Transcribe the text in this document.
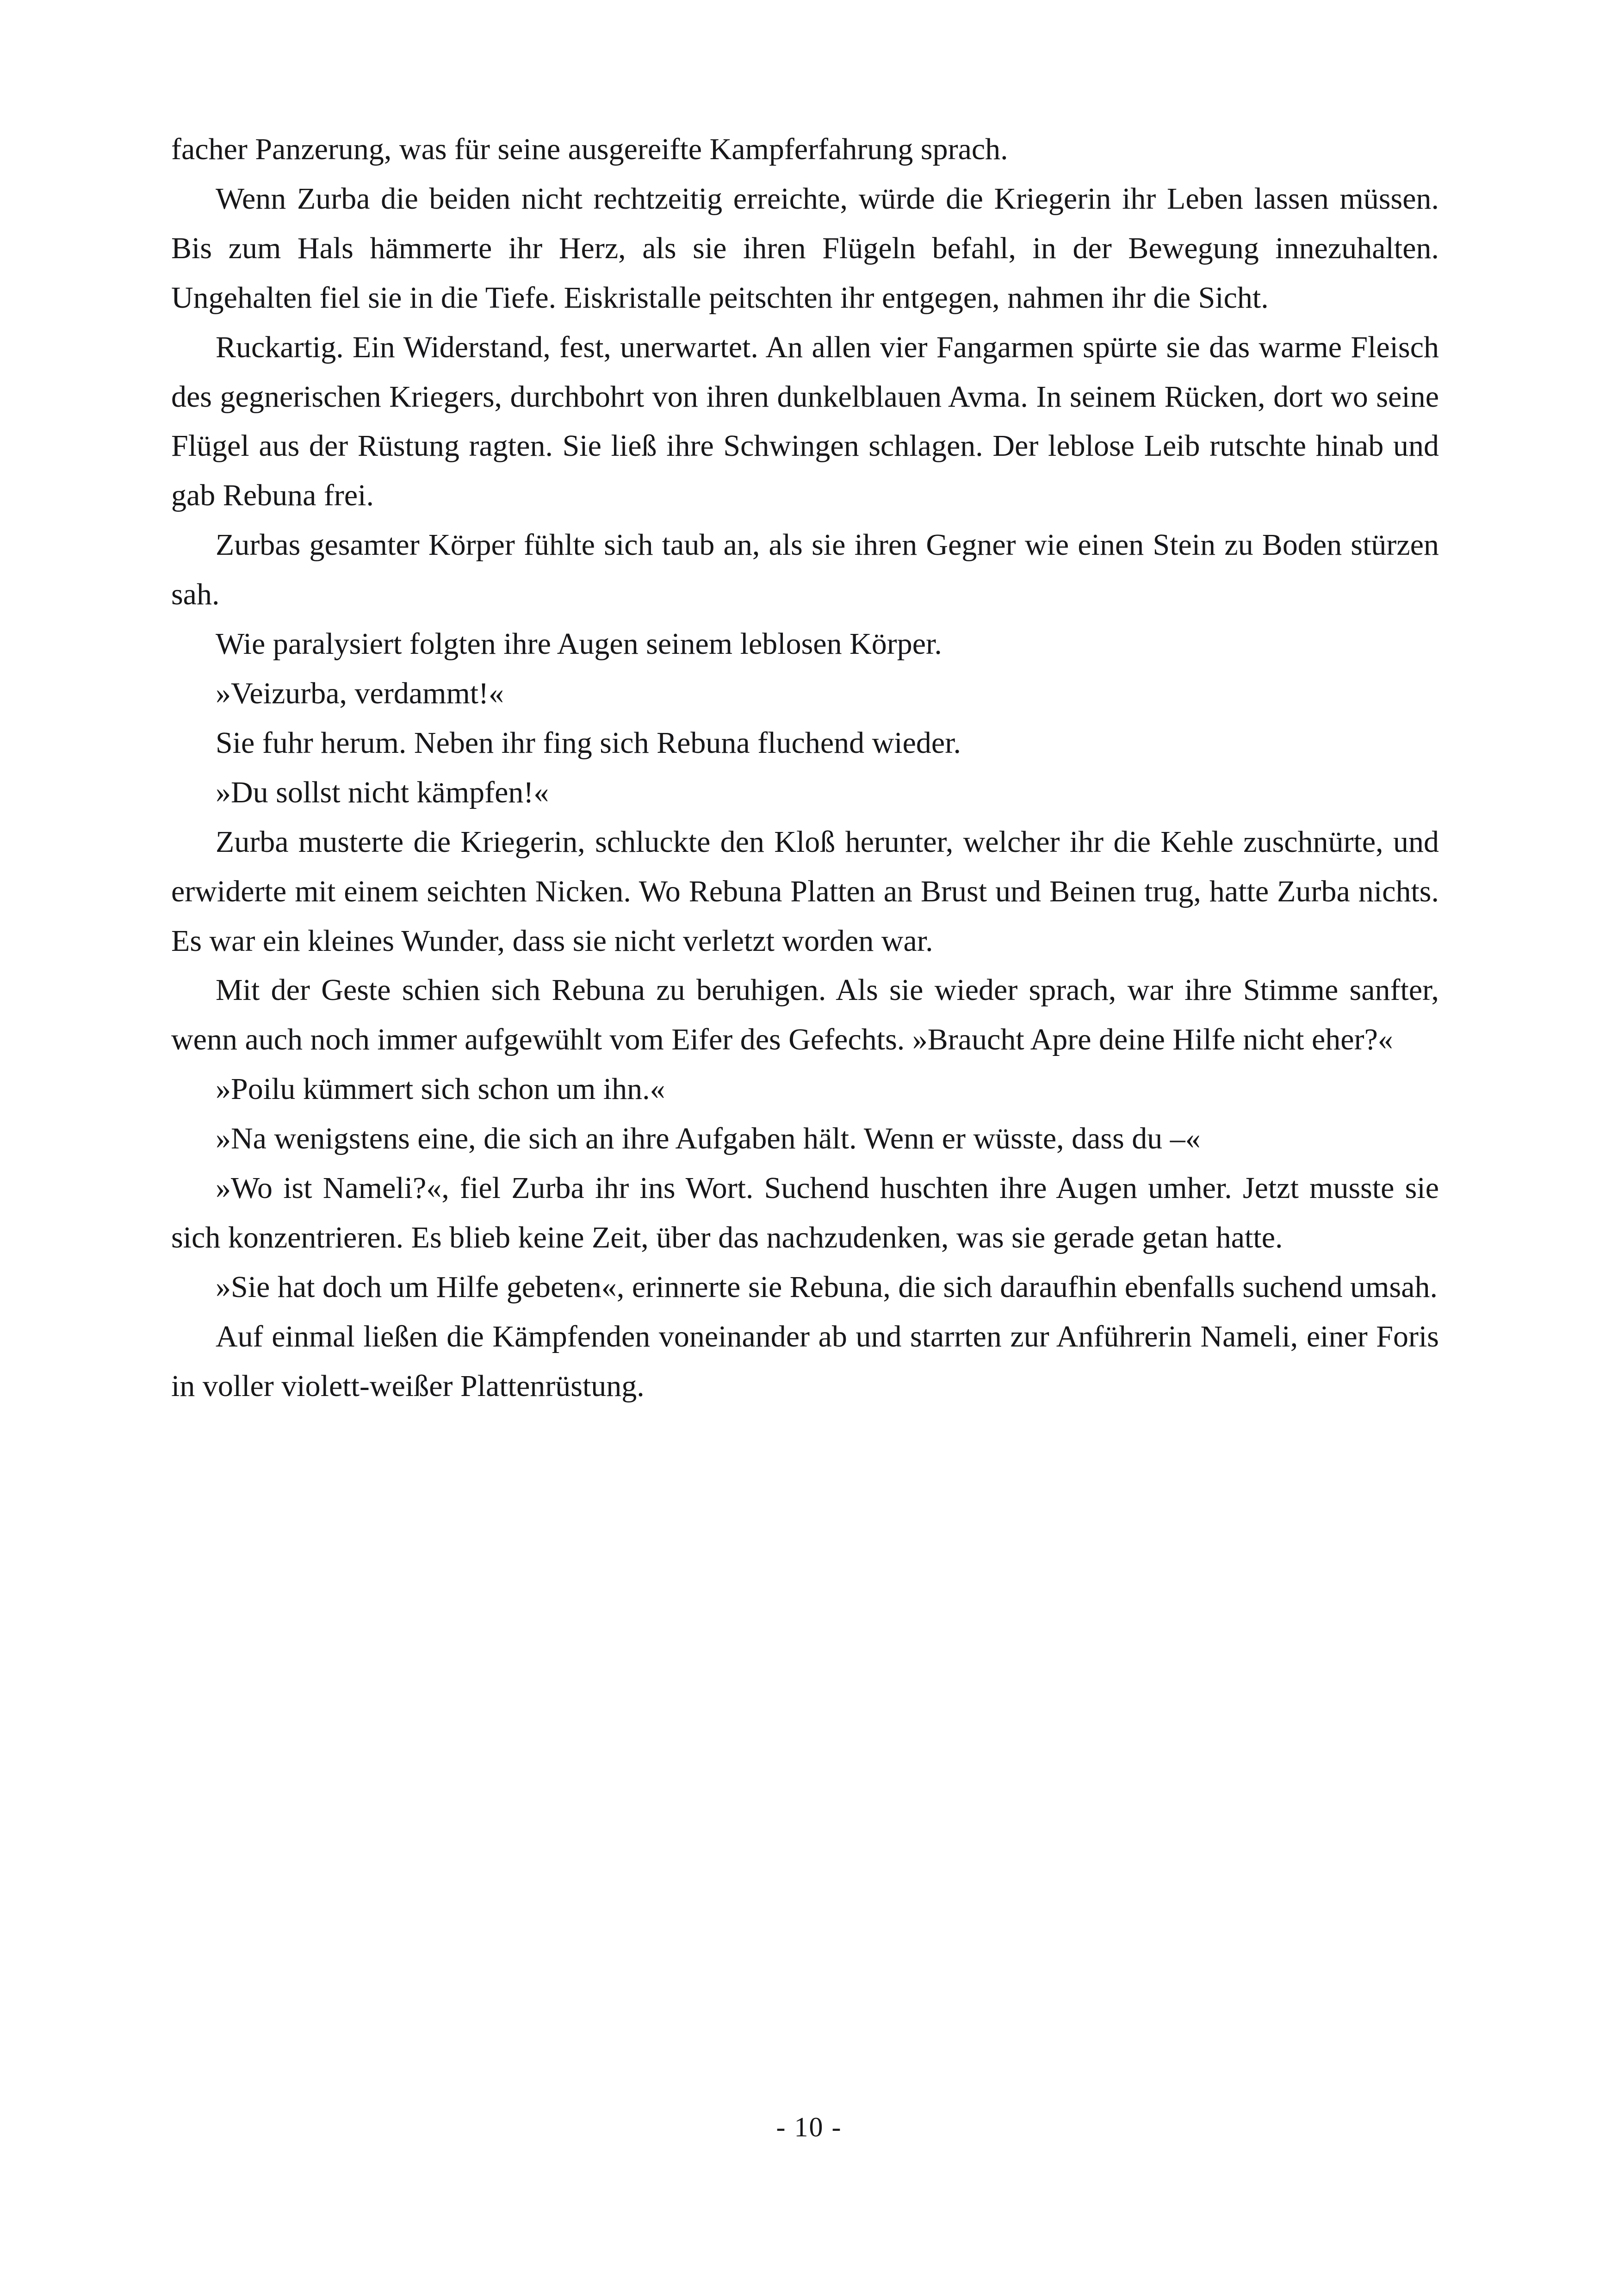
facher Panzerung, was für seine ausgereifte Kampferfahrung sprach.

Wenn Zurba die beiden nicht rechtzeitig erreichte, würde die Kriegerin ihr Leben lassen müssen. Bis zum Hals hämmerte ihr Herz, als sie ihren Flügeln befahl, in der Bewegung innezuhalten. Ungehalten fiel sie in die Tiefe. Eiskristalle peitschten ihr entgegen, nahmen ihr die Sicht.

Ruckartig. Ein Widerstand, fest, unerwartet. An allen vier Fangarmen spürte sie das warme Fleisch des gegnerischen Kriegers, durchbohrt von ihren dunkelblauen Avma. In seinem Rücken, dort wo seine Flügel aus der Rüstung ragten. Sie ließ ihre Schwingen schlagen. Der leblose Leib rutschte hinab und gab Rebuna frei.

Zurbas gesamter Körper fühlte sich taub an, als sie ihren Gegner wie einen Stein zu Boden stürzen sah.

Wie paralysiert folgten ihre Augen seinem leblosen Körper.

»Veizurba, verdammt!«

Sie fuhr herum. Neben ihr fing sich Rebuna fluchend wieder.

»Du sollst nicht kämpfen!«

Zurba musterte die Kriegerin, schluckte den Kloß herunter, welcher ihr die Kehle zuschnürte, und erwiderte mit einem seichten Nicken. Wo Rebuna Platten an Brust und Beinen trug, hatte Zurba nichts. Es war ein kleines Wunder, dass sie nicht verletzt worden war.

Mit der Geste schien sich Rebuna zu beruhigen. Als sie wieder sprach, war ihre Stimme sanfter, wenn auch noch immer aufgewühlt vom Eifer des Gefechts. »Braucht Apre deine Hilfe nicht eher?«

»Poilu kümmert sich schon um ihn.«

»Na wenigstens eine, die sich an ihre Aufgaben hält. Wenn er wüsste, dass du –«

»Wo ist Nameli?«, fiel Zurba ihr ins Wort. Suchend huschten ihre Augen umher. Jetzt musste sie sich konzentrieren. Es blieb keine Zeit, über das nachzudenken, was sie gerade getan hatte.

»Sie hat doch um Hilfe gebeten«, erinnerte sie Rebuna, die sich daraufhin ebenfalls suchend umsah.

Auf einmal ließen die Kämpfenden voneinander ab und starrten zur Anführerin Nameli, einer Foris in voller violett-weißer Plattenrüstung.

- 10 -
